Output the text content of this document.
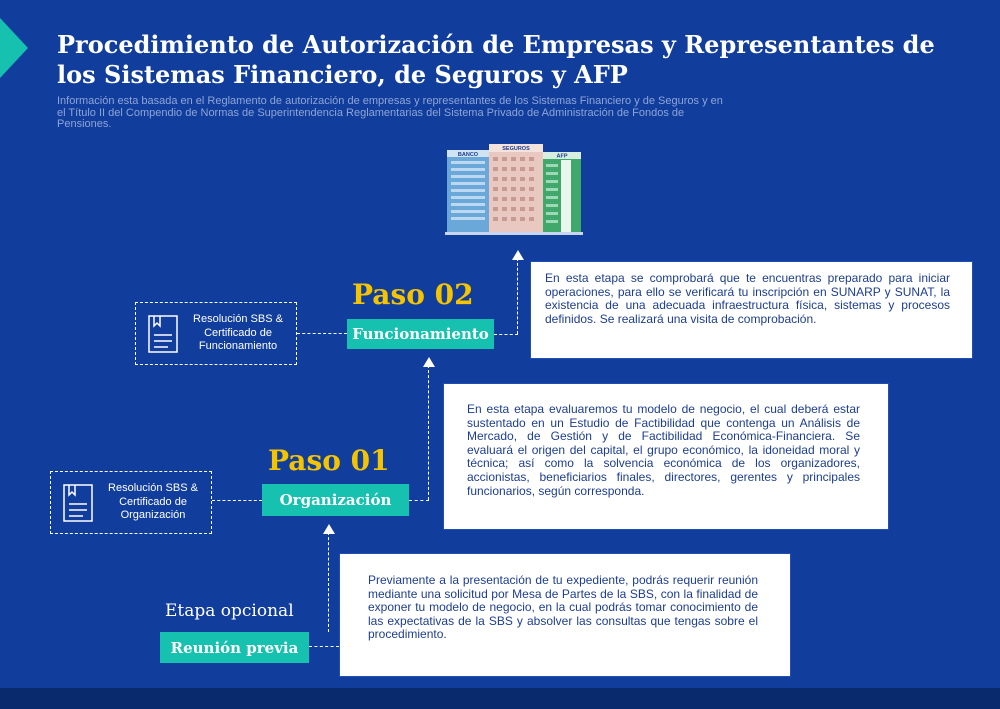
Procedimiento de Autorización de Empresas y Representantes de los Sistemas Financiero, de Seguros y AFP

Información esta basada en el Reglamento de autorización de empresas y representantes de los Sistemas Financiero y de Seguros y en el Título II del Compendio de Normas de Superintendencia Reglamentarias del Sistema Privado de Administración de Fondos de Pensiones.

BANCO
SEGUROS
AFP
Resolución SBS & Certificado de Funcionamiento
Paso 02
Funcionamiento

En esta etapa se comprobará que te encuentras preparado para iniciar operaciones, para ello se verificará tu inscripción en SUNARP y SUNAT, la existencia de una adecuada infraestructura física, sistemas y procesos definidos. Se realizará una visita de comprobación.

Resolución SBS & Certificado de Organización
Paso 01
Organización

En esta etapa evaluaremos tu modelo de negocio, el cual deberá estar sustentado en un Estudio de Factibilidad que contenga un Análisis de Mercado, de Gestión y de Factibilidad Económica-Financiera. Se evaluará el origen del capital, el grupo económico, la idoneidad moral y técnica; así como la solvencia económica de los organizadores, accionistas, beneficiarios finales, directores, gerentes y principales funcionarios, según corresponda.

Etapa opcional
Reunión previa

Previamente a la presentación de tu expediente, podrás requerir reunión mediante una solicitud por Mesa de Partes de la SBS, con la finalidad de exponer tu modelo de negocio, en la cual podrás tomar conocimiento de las expectativas de la SBS y absolver las consultas que tengas sobre el procedimiento.
